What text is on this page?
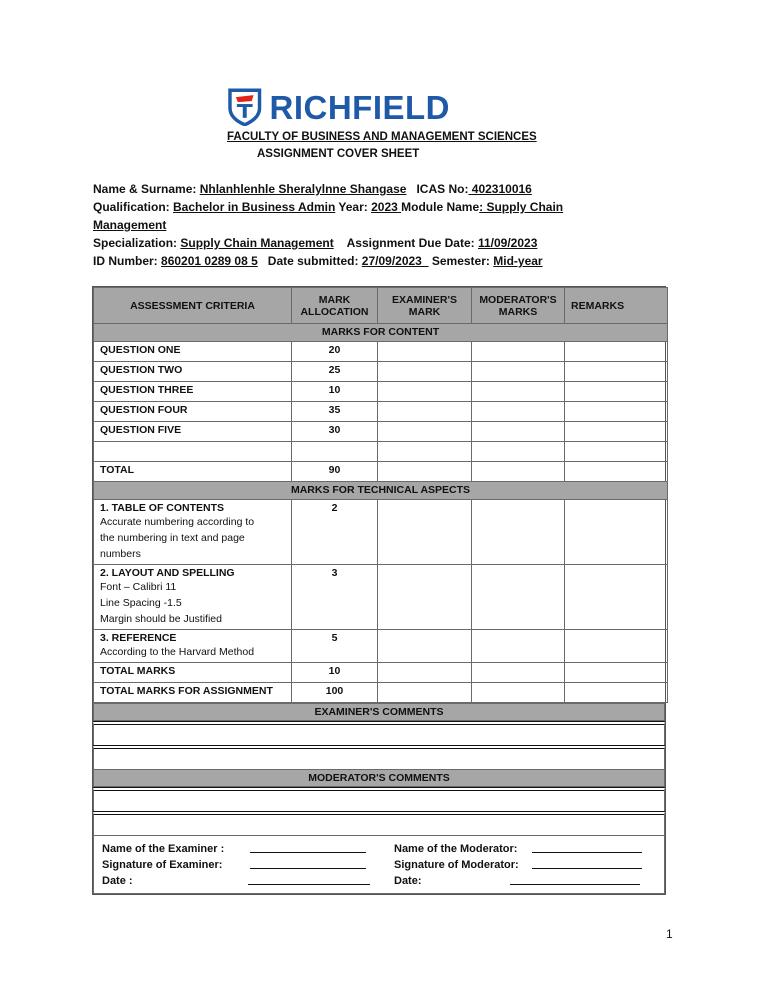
RICHFIELD
FACULTY OF BUSINESS AND MANAGEMENT SCIENCES
ASSIGNMENT COVER SHEET
Name & Surname: Nhlanhlenhle Sheralylnne Shangase   ICAS No: 402310016
Qualification: Bachelor in Business Admin Year: 2023 Module Name: Supply Chain
Management
Specialization: Supply Chain Management    Assignment Due Date: 11/09/2023
ID Number: 860201 0289 08 5   Date submitted: 27/09/2023_ Semester: Mid-year
ASSESSMENT CRITERIA	MARK ALLOCATION	EXAMINER'S MARK	MODERATOR'S MARKS	REMARKS
MARKS FOR CONTENT				
QUESTION ONE	20			
QUESTION TWO	25			
QUESTION THREE	10			
QUESTION FOUR	35			
QUESTION FIVE	30			

TOTAL	90			
MARKS FOR TECHNICAL ASPECTS				
1. TABLE OF CONTENTS
Accurate numbering according to
the numbering in text and page
numbers	2			
2. LAYOUT AND SPELLING
Font – Calibri 11
Line Spacing -1.5
Margin should be Justified	3			
3. REFERENCE
According to the Harvard Method	5			
TOTAL MARKS	10			
TOTAL MARKS FOR ASSIGNMENT	100			
EXAMINER'S COMMENTS
MODERATOR'S COMMENTS
Name of the Examiner :
Signature of Examiner:
Date :
Name of the Moderator:
Signature of Moderator:
Date:
1
